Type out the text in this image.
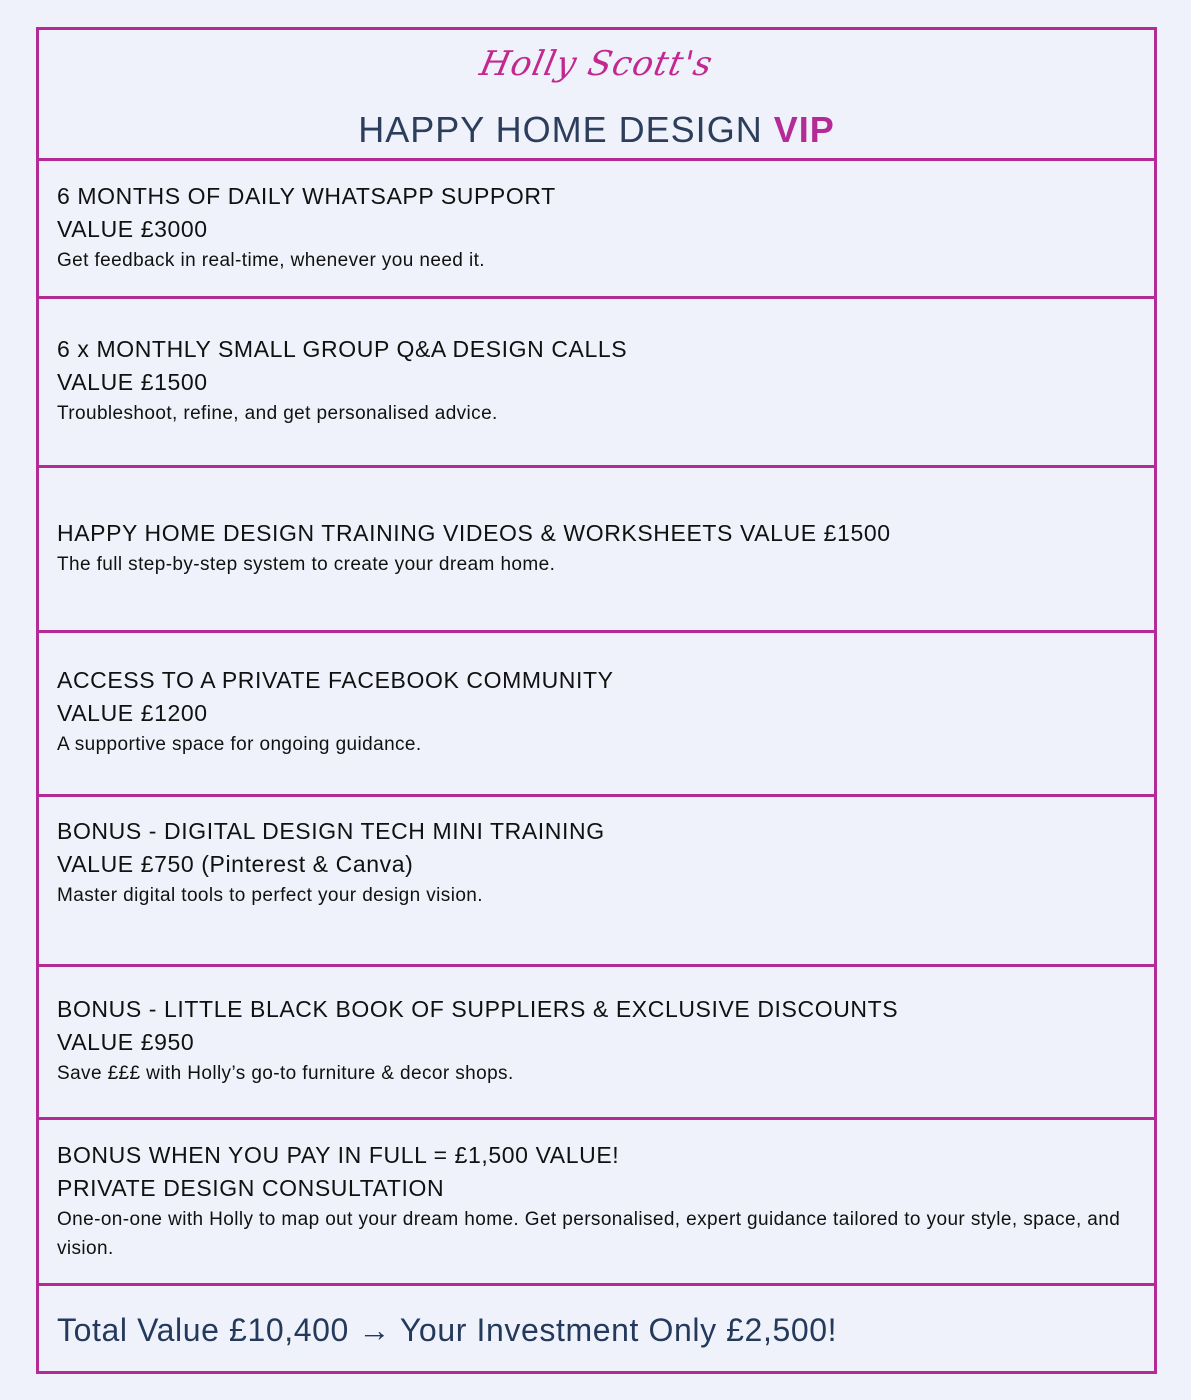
Holly Scott's
HAPPY HOME DESIGN VIP
6 MONTHS OF DAILY WHATSAPP SUPPORT
VALUE £3000
Get feedback in real-time, whenever you need it.
6 x MONTHLY SMALL GROUP Q&A DESIGN CALLS
VALUE £1500
Troubleshoot, refine, and get personalised advice.
HAPPY HOME DESIGN TRAINING VIDEOS & WORKSHEETS VALUE £1500
The full step-by-step system to create your dream home.
ACCESS TO A PRIVATE FACEBOOK COMMUNITY
VALUE £1200
A supportive space for ongoing guidance.
BONUS - DIGITAL DESIGN TECH MINI TRAINING
VALUE £750 (Pinterest & Canva)
Master digital tools to perfect your design vision.
BONUS - LITTLE BLACK BOOK OF SUPPLIERS & EXCLUSIVE DISCOUNTS
VALUE £950
Save £££ with Holly’s go-to furniture & decor shops.
BONUS WHEN YOU PAY IN FULL = £1,500 VALUE!
PRIVATE DESIGN CONSULTATION
One-on-one with Holly to map out your dream home. Get personalised, expert guidance tailored to your style, space, and vision.
Total Value £10,400 → Your Investment Only £2,500!
